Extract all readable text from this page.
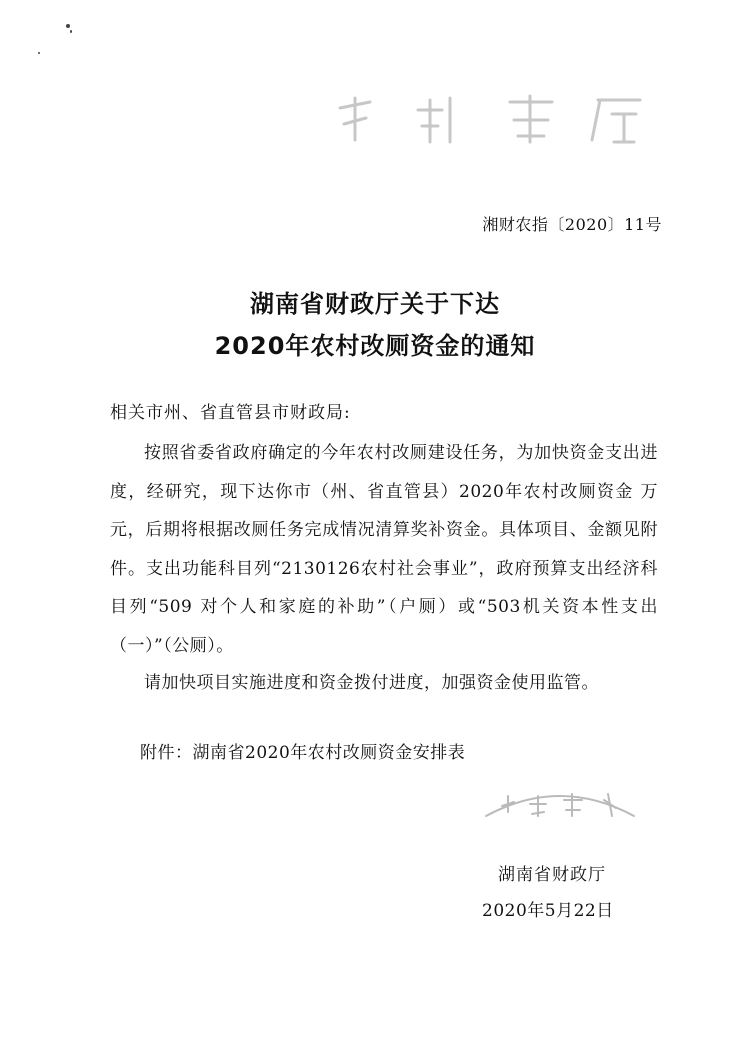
湘财农指〔2020〕11号
湖南省财政厅关于下达
2020年农村改厕资金的通知
相关市州、省直管县市财政局:
按照省委省政府确定的今年农村改厕建设任务，为加快资金支出进度，经研究，现下达你市（州、省直管县）2020年农村改厕资金 万元，后期将根据改厕任务完成情况清算奖补资金。具体项目、金额见附件。支出功能科目列“2130126农村社会事业”，政府预算支出经济科目列“509 对个人和家庭的补助”（户厕）或“503机关资本性支出（一）”（公厕）。
请加快项目实施进度和资金拨付进度，加强资金使用监管。
附件：湖南省2020年农村改厕资金安排表
湖南省财政厅
2020年5月22日
